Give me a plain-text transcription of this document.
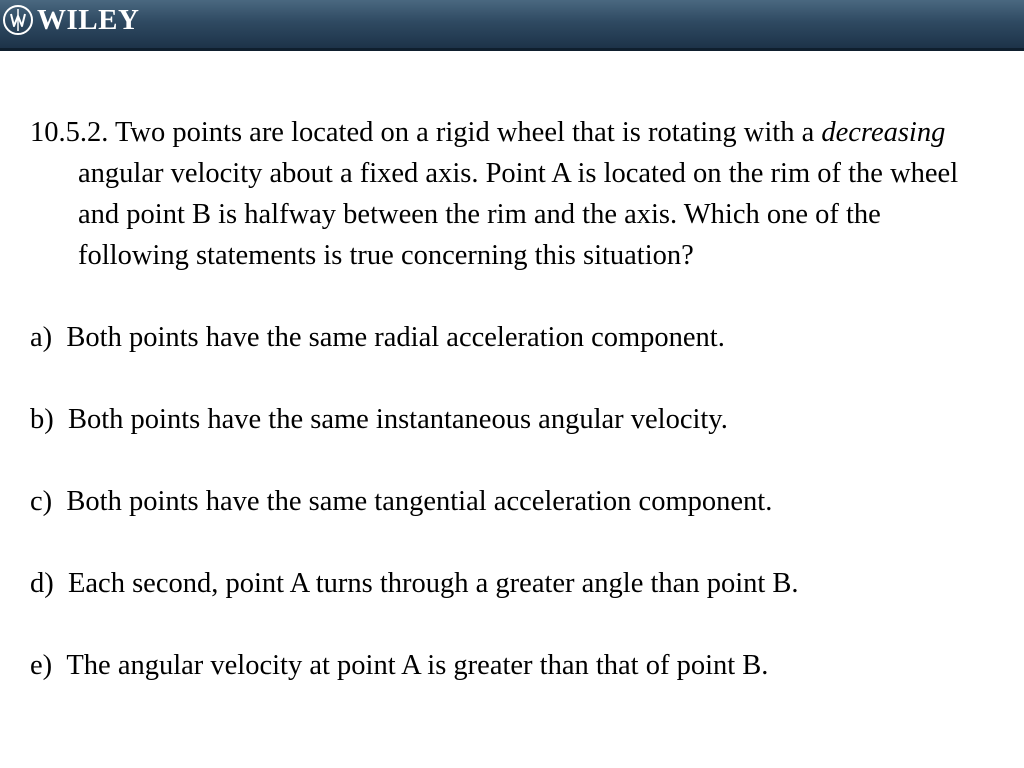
WILEY

10.5.2. Two points are located on a rigid wheel that is rotating with a decreasing angular velocity about a fixed axis. Point A is located on the rim of the wheel and point B is halfway between the rim and the axis. Which one of the following statements is true concerning this situation?

a) Both points have the same radial acceleration component.

b) Both points have the same instantaneous angular velocity.

c) Both points have the same tangential acceleration component.

d) Each second, point A turns through a greater angle than point B.

e) The angular velocity at point A is greater than that of point B.
